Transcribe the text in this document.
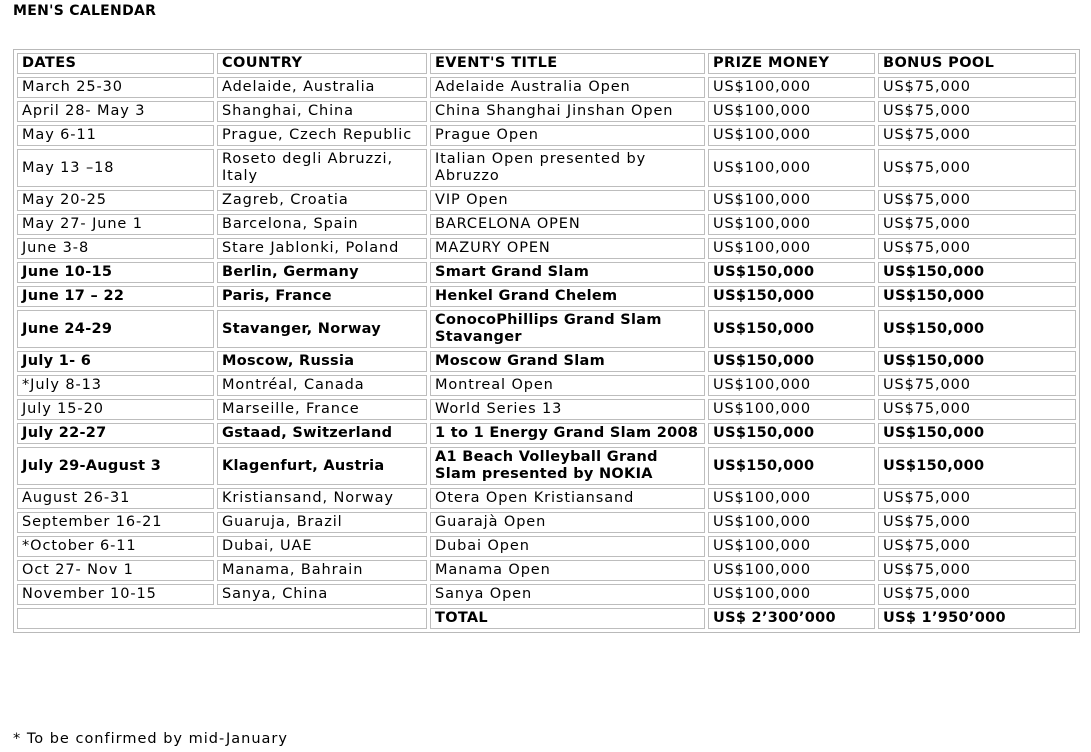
MEN'S CALENDAR
DATES	COUNTRY	EVENT'S TITLE	PRIZE MONEY	BONUS POOL
March 25-30	Adelaide, Australia	Adelaide Australia Open	US$100,000	US$75,000
April 28- May 3	Shanghai, China	China Shanghai Jinshan Open	US$100,000	US$75,000
May 6-11	Prague, Czech Republic	Prague Open	US$100,000	US$75,000
May 13 –18	Roseto degli Abruzzi, Italy	Italian Open presented by Abruzzo	US$100,000	US$75,000
May 20-25	Zagreb, Croatia	VIP Open	US$100,000	US$75,000
May 27- June 1	Barcelona, Spain	BARCELONA OPEN	US$100,000	US$75,000
June 3-8	Stare Jablonki, Poland	MAZURY OPEN	US$100,000	US$75,000
June 10-15	Berlin, Germany	Smart Grand Slam	US$150,000	US$150,000
June 17 – 22	Paris, France	Henkel Grand Chelem	US$150,000	US$150,000
June 24-29	Stavanger, Norway	ConocoPhillips Grand Slam Stavanger	US$150,000	US$150,000
July 1- 6	Moscow, Russia	Moscow Grand Slam	US$150,000	US$150,000
*July 8-13	Montréal, Canada	Montreal Open	US$100,000	US$75,000
July 15-20	Marseille, France	World Series 13	US$100,000	US$75,000
July 22-27	Gstaad, Switzerland	1 to 1 Energy Grand Slam 2008	US$150,000	US$150,000
July 29-August 3	Klagenfurt, Austria	A1 Beach Volleyball Grand Slam presented by NOKIA	US$150,000	US$150,000
August 26-31	Kristiansand, Norway	Otera Open Kristiansand	US$100,000	US$75,000
September 16-21	Guaruja, Brazil	Guarajà Open	US$100,000	US$75,000
*October 6-11	Dubai, UAE	Dubai Open	US$100,000	US$75,000
Oct 27- Nov 1	Manama, Bahrain	Manama Open	US$100,000	US$75,000
November 10-15	Sanya, China	Sanya Open	US$100,000	US$75,000
		TOTAL	US$ 2’300’000	US$ 1’950’000
* To be confirmed by mid-January
